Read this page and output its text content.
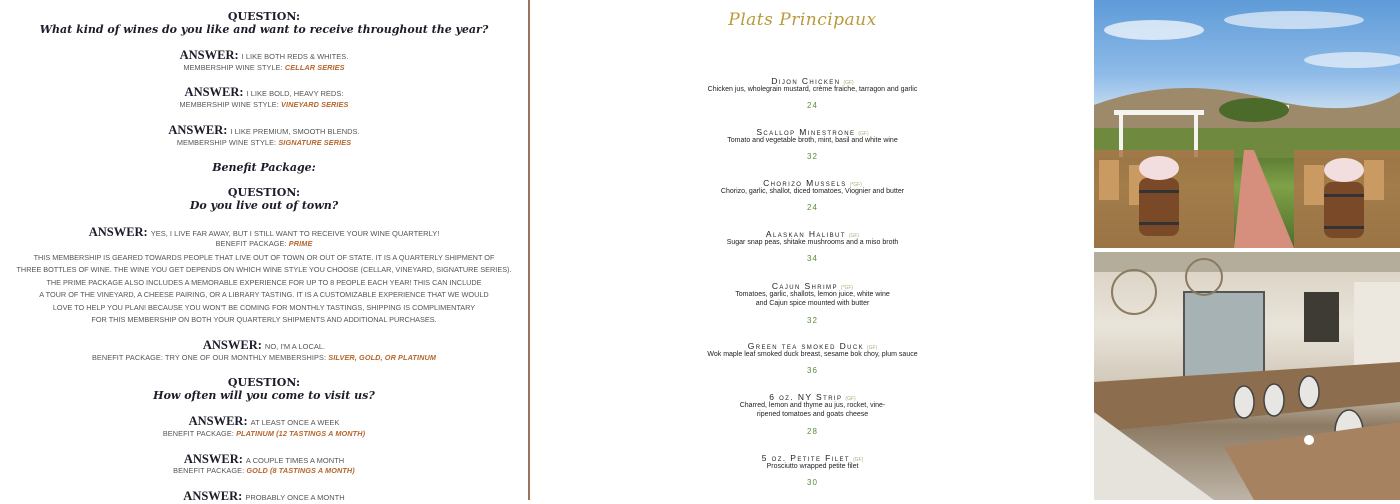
QUESTION:
What kind of wines do you like and want to receive throughout the year?
ANSWER: I LIKE BOTH REDS & WHITES.
MEMBERSHIP WINE STYLE: CELLAR SERIES
ANSWER: I LIKE BOLD, HEAVY REDS:
MEMBERSHIP WINE STYLE: VINEYARD SERIES
ANSWER: I LIKE PREMIUM, SMOOTH BLENDS.
MEMBERSHIP WINE STYLE: SIGNATURE SERIES
Benefit Package:
QUESTION:
Do you live out of town?
ANSWER: YES, I LIVE FAR AWAY, BUT I STILL WANT TO RECEIVE YOUR WINE QUARTERLY!
BENEFIT PACKAGE: PRIME
THIS MEMBERSHIP IS GEARED TOWARDS PEOPLE THAT LIVE OUT OF TOWN OR OUT OF STATE. IT IS A QUARTERLY SHIPMENT OF
THREE BOTTLES OF WINE. THE WINE YOU GET DEPENDS ON WHICH WINE STYLE YOU CHOOSE (CELLAR, VINEYARD, SIGNATURE SERIES).
THE PRIME PACKAGE ALSO INCLUDES A MEMORABLE EXPERIENCE FOR UP TO 8 PEOPLE EACH YEAR! THIS CAN INCLUDE
A TOUR OF THE VINEYARD, A CHEESE PAIRING, OR A LIBRARY TASTING. IT IS A CUSTOMIZABLE EXPERIENCE THAT WE WOULD
LOVE TO HELP YOU PLAN! BECAUSE YOU WON'T BE COMING FOR MONTHLY TASTINGS, SHIPPING IS COMPLIMENTARY
FOR THIS MEMBERSHIP ON BOTH YOUR QUARTERLY SHIPMENTS AND ADDITIONAL PURCHASES.
ANSWER: NO, I'M A LOCAL.
BENEFIT PACKAGE: TRY ONE OF OUR MONTHLY MEMBERSHIPS: SILVER, GOLD, OR PLATINUM
QUESTION:
How often will you come to visit us?
ANSWER: AT LEAST ONCE A WEEK
BENEFIT PACKAGE: PLATINUM (12 TASTINGS A MONTH)
ANSWER: A COUPLE TIMES A MONTH
BENEFIT PACKAGE: GOLD (8 TASTINGS A MONTH)
ANSWER: PROBABLY ONCE A MONTH
Plats Principaux
Dijon Chicken (GF)
Chicken jus, wholegrain mustard, crème fraiche, tarragon and garlic
24
Scallop Minestrone (GF)
Tomato and vegetable broth, mint, basil and white wine
32
Chorizo Mussels (*GF)
Chorizo, garlic, shallot, diced tomatoes, Viognier and butter
24
Alaskan Halibut (GF)
Sugar snap peas, shitake mushrooms and a miso broth
34
Cajun Shrimp (*GF)
Tomatoes, garlic, shallots, lemon juice, white wine
and Cajun spice mounted with butter
32
Green tea smoked Duck (GF)
Wok maple leaf smoked duck breast, sesame bok choy, plum sauce
36
6 oz. NY Strip (GF)
Charred, lemon and thyme au jus, rocket, vine-
ripened tomatoes and goats cheese
28
5 oz. Petite Filet (GF)
Prosciutto wrapped petite filet
30
